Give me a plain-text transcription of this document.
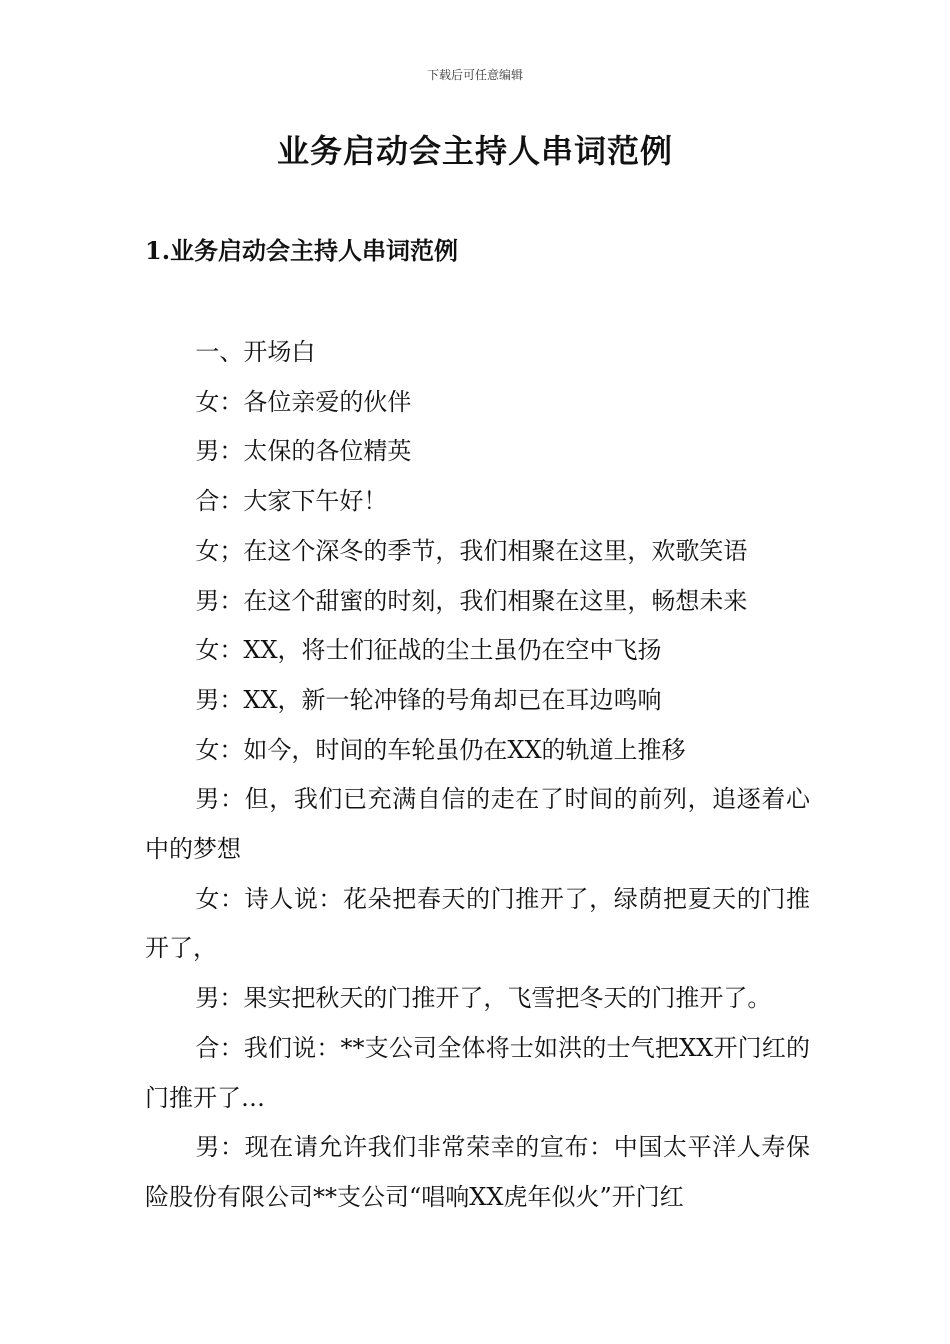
下载后可任意编辑
业务启动会主持人串词范例
1.业务启动会主持人串词范例

一、开场白

女：各位亲爱的伙伴

男：太保的各位精英

合：大家下午好！

女；在这个深冬的季节，我们相聚在这里，欢歌笑语

男：在这个甜蜜的时刻，我们相聚在这里，畅想未来

女：XX，将士们征战的尘土虽仍在空中飞扬

男：XX，新一轮冲锋的号角却已在耳边鸣响

女：如今，时间的车轮虽仍在XX的轨道上推移

男：但，我们已充满自信的走在了时间的前列，追逐着心中的梦想

女：诗人说：花朵把春天的门推开了，绿荫把夏天的门推开了，

男：果实把秋天的门推开了，飞雪把冬天的门推开了。

合：我们说：**支公司全体将士如洪的士气把XX开门红的门推开了…

男：现在请允许我们非常荣幸的宣布：中国太平洋人寿保险股份有限公司**支公司“唱响XX虎年似火”开门红
